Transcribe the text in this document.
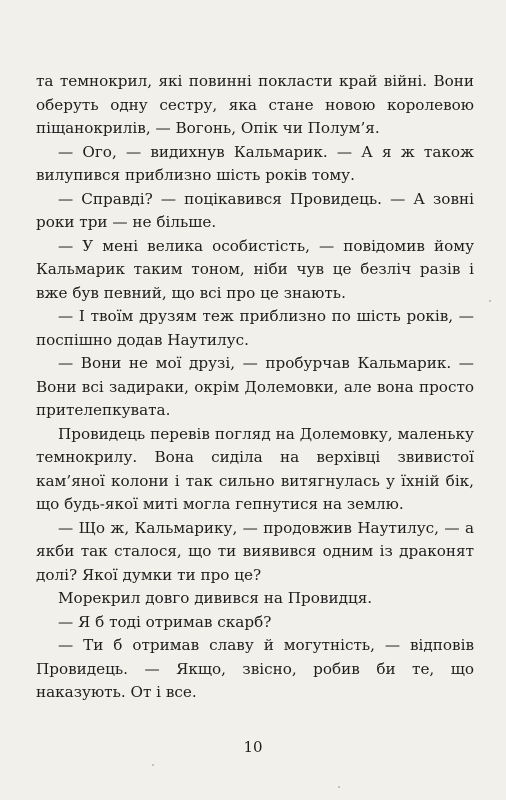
та темнокрил, які повинні покласти край війні. Вони оберуть одну сестру, яка стане новою королевою піщанокрилів, — Вогонь, Опік чи Полум’я.

— Ого, — видихнув Кальмарик. — А я ж також вилупився приблизно шість років тому.

— Справді? — поцікавився Провидець. — А зовні роки три — не більше.

— У мені велика особистість, — повідомив йому Кальмарик таким тоном, ніби чув це безліч разів і вже був певний, що всі про це знають.

— І твоїм друзям теж приблизно по шість років, — поспішно додав Наутилус.

— Вони не мої друзі, — пробурчав Кальмарик. — Вони всі задираки, окрім Долемовки, але вона просто прителепкувата.

Провидець перевів погляд на Долемовку, маленьку темнокрилу. Вона сиділа на верхівці звивистої кам’яної колони і так сильно витягнулась у їхній бік, що будь-якої миті могла гепнутися на землю.

— Що ж, Кальмарику, — продовжив Наутилус, — а якби так сталося, що ти виявився одним із драконят долі? Якої думки ти про це?

Морекрил довго дивився на Провидця.

— Я б тоді отримав скарб?

— Ти б отримав славу й могутність, — відповів Провидець. — Якщо, звісно, робив би те, що наказують. От і все.

10
